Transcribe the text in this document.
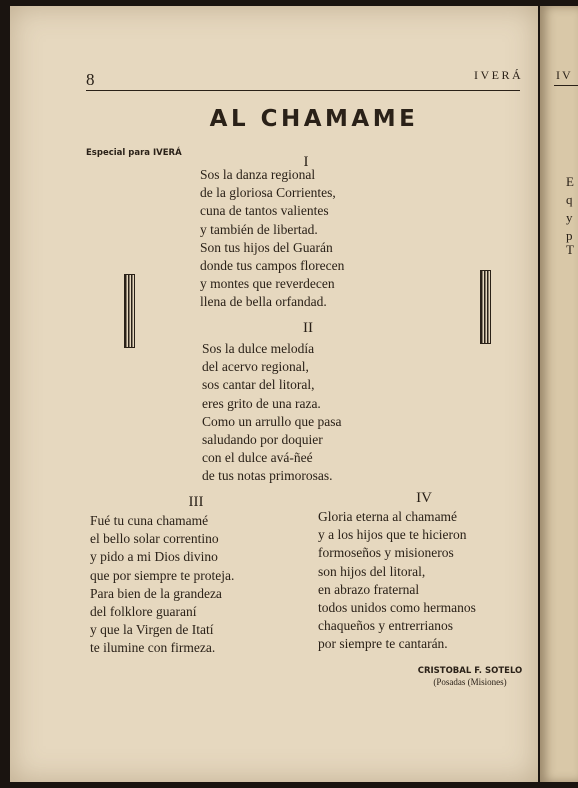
8	IVERÁ
AL CHAMAME
Especial para IVERÁ
I
Sos la danza regional
de la gloriosa Corrientes,
cuna de tantos valientes
y también de libertad.
Son tus hijos del Guarán
donde tus campos florecen
y montes que reverdecen
llena de bella orfandad.
II
Sos la dulce melodía
del acervo regional,
sos cantar del litoral,
eres grito de una raza.
Como un arrullo que pasa
saludando por doquier
con el dulce avá-ñeé
de tus notas primorosas.
III
Fué tu cuna chamamé
el bello solar correntino
y pido a mi Dios divino
que por siempre te proteja.
Para bien de la grandeza
del folklore guaraní
y que la Virgen de Itatí
te ilumine con firmeza.
IV
Gloria eterna al chamamé
y a los hijos que te hicieron
formoseños y misioneros
son hijos del litoral,
en abrazo fraternal
todos unidos como hermanos
chaqueños y entrerrianos
por siempre te cantarán.
CRISTOBAL F. SOTELO
(Posadas (Misiones)
IV
E
q
y
p
T
